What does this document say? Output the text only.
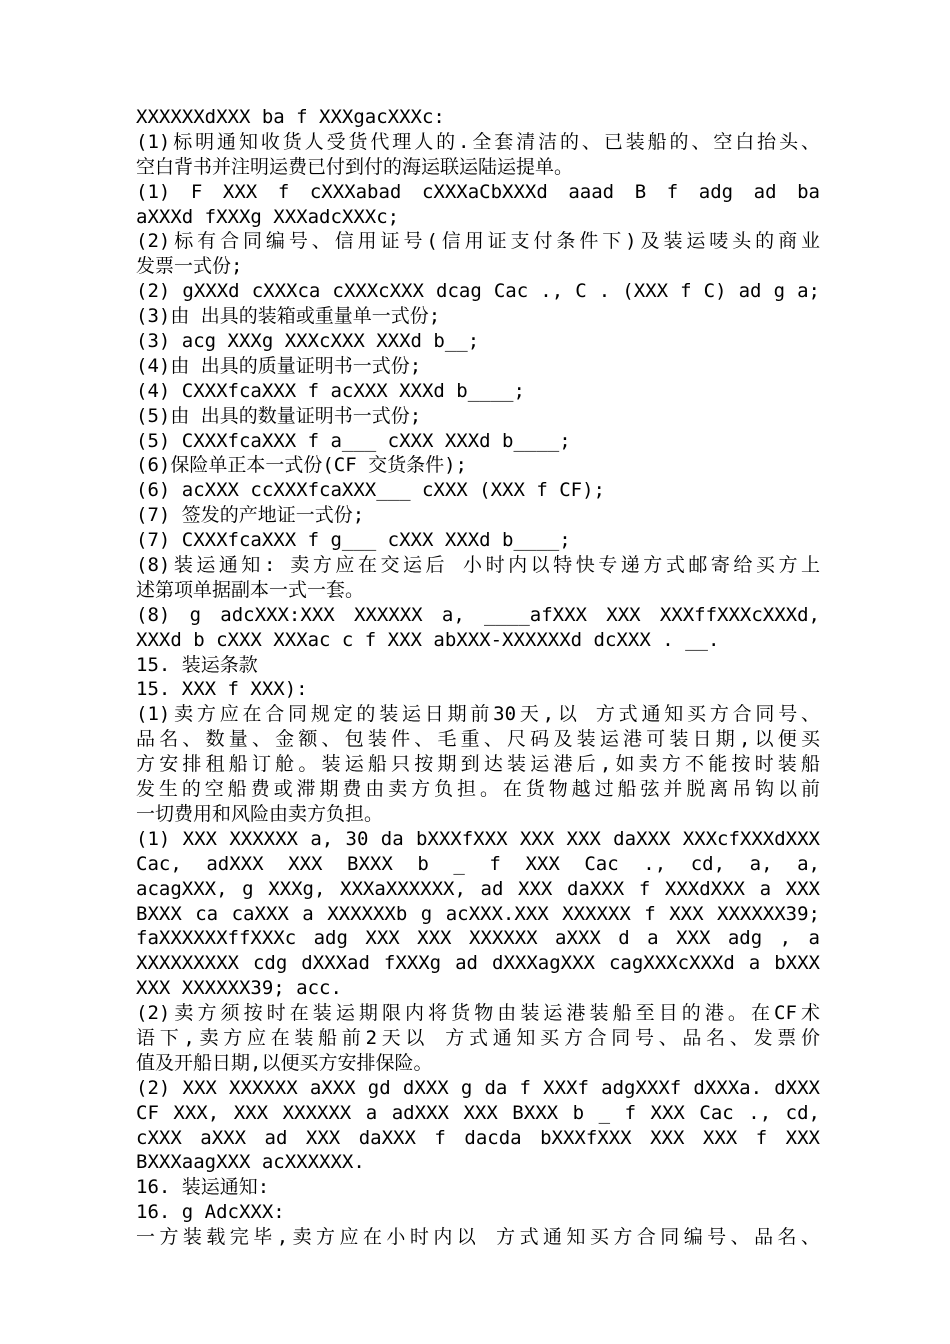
XXXXXXdXXX ba f XXXgacXXXc:
(1)标明通知收货人受货代理人的.全套清洁的、已装船的、空白抬头、
空白背书并注明运费已付到付的海运联运陆运提单。
(1) F XXX f cXXXabad cXXXaCbXXXd aaad B f adg ad ba
aXXXd fXXXg XXXadcXXXc;
(2)标有合同编号、信用证号(信用证支付条件下)及装运唛头的商业
发票一式份;
(2) gXXXd cXXXca cXXXcXXX dcag Cac ., C . (XXX f C) ad g a;
(3)由 出具的装箱或重量单一式份;
(3) acg XXXg XXXcXXX XXXd b__;
(4)由 出具的质量证明书一式份;
(4) CXXXfcaXXX f acXXX XXXd b____;
(5)由 出具的数量证明书一式份;
(5) CXXXfcaXXX f a___ cXXX XXXd b____;
(6)保险单正本一式份(CF 交货条件);
(6) acXXX ccXXXfcaXXX___ cXXX (XXX f CF);
(7) 签发的产地证一式份;
(7) CXXXfcaXXX f g___ cXXX XXXd b____;
(8)装运通知: 卖方应在交运后 小时内以特快专递方式邮寄给买方上
述第项单据副本一式一套。
(8) g adcXXX:XXX XXXXXX a, ____afXXX XXX XXXffXXXcXXXd,
XXXd b cXXX XXXac c f XXX abXXX-XXXXXXd dcXXX . __.
15. 装运条款
15. XXX f XXX):
(1)卖方应在合同规定的装运日期前30天,以 方式通知买方合同号、
品名、数量、金额、包装件、毛重、尺码及装运港可装日期,以便买
方安排租船订舱。装运船只按期到达装运港后,如卖方不能按时装船
发生的空船费或滞期费由卖方负担。在货物越过船弦并脱离吊钩以前
一切费用和风险由卖方负担。
(1) XXX XXXXXX a, 30 da bXXXfXXX XXX XXX daXXX XXXcfXXXdXXX
Cac, adXXX XXX BXXX b _ f XXX Cac ., cd, a, a,
acagXXX, g XXXg, XXXaXXXXXX, ad XXX daXXX f XXXdXXX a XXX
BXXX ca caXXX a XXXXXXb g acXXX.XXX XXXXXX f XXX XXXXXX39;
faXXXXXXffXXXc adg XXX XXX XXXXXX aXXX d a XXX adg , a
XXXXXXXXX cdg dXXXad fXXXg ad dXXXagXXX cagXXXcXXXd a bXXX
XXX XXXXXX39; acc.
(2)卖方须按时在装运期限内将货物由装运港装船至目的港。在CF术
语下,卖方应在装船前2天以 方式通知买方合同号、品名、发票价
值及开船日期,以便买方安排保险。
(2) XXX XXXXXX aXXX gd dXXX g da f XXXf adgXXXf dXXXa. dXXX
CF XXX, XXX XXXXXX a adXXX XXX BXXX b _ f XXX Cac ., cd,
cXXX aXXX ad XXX daXXX f dacda bXXXfXXX XXX XXX f XXX
BXXXaagXXX acXXXXXX.
16. 装运通知:
16. g AdcXXX:
一方装载完毕,卖方应在小时内以 方式通知买方合同编号、品名、
